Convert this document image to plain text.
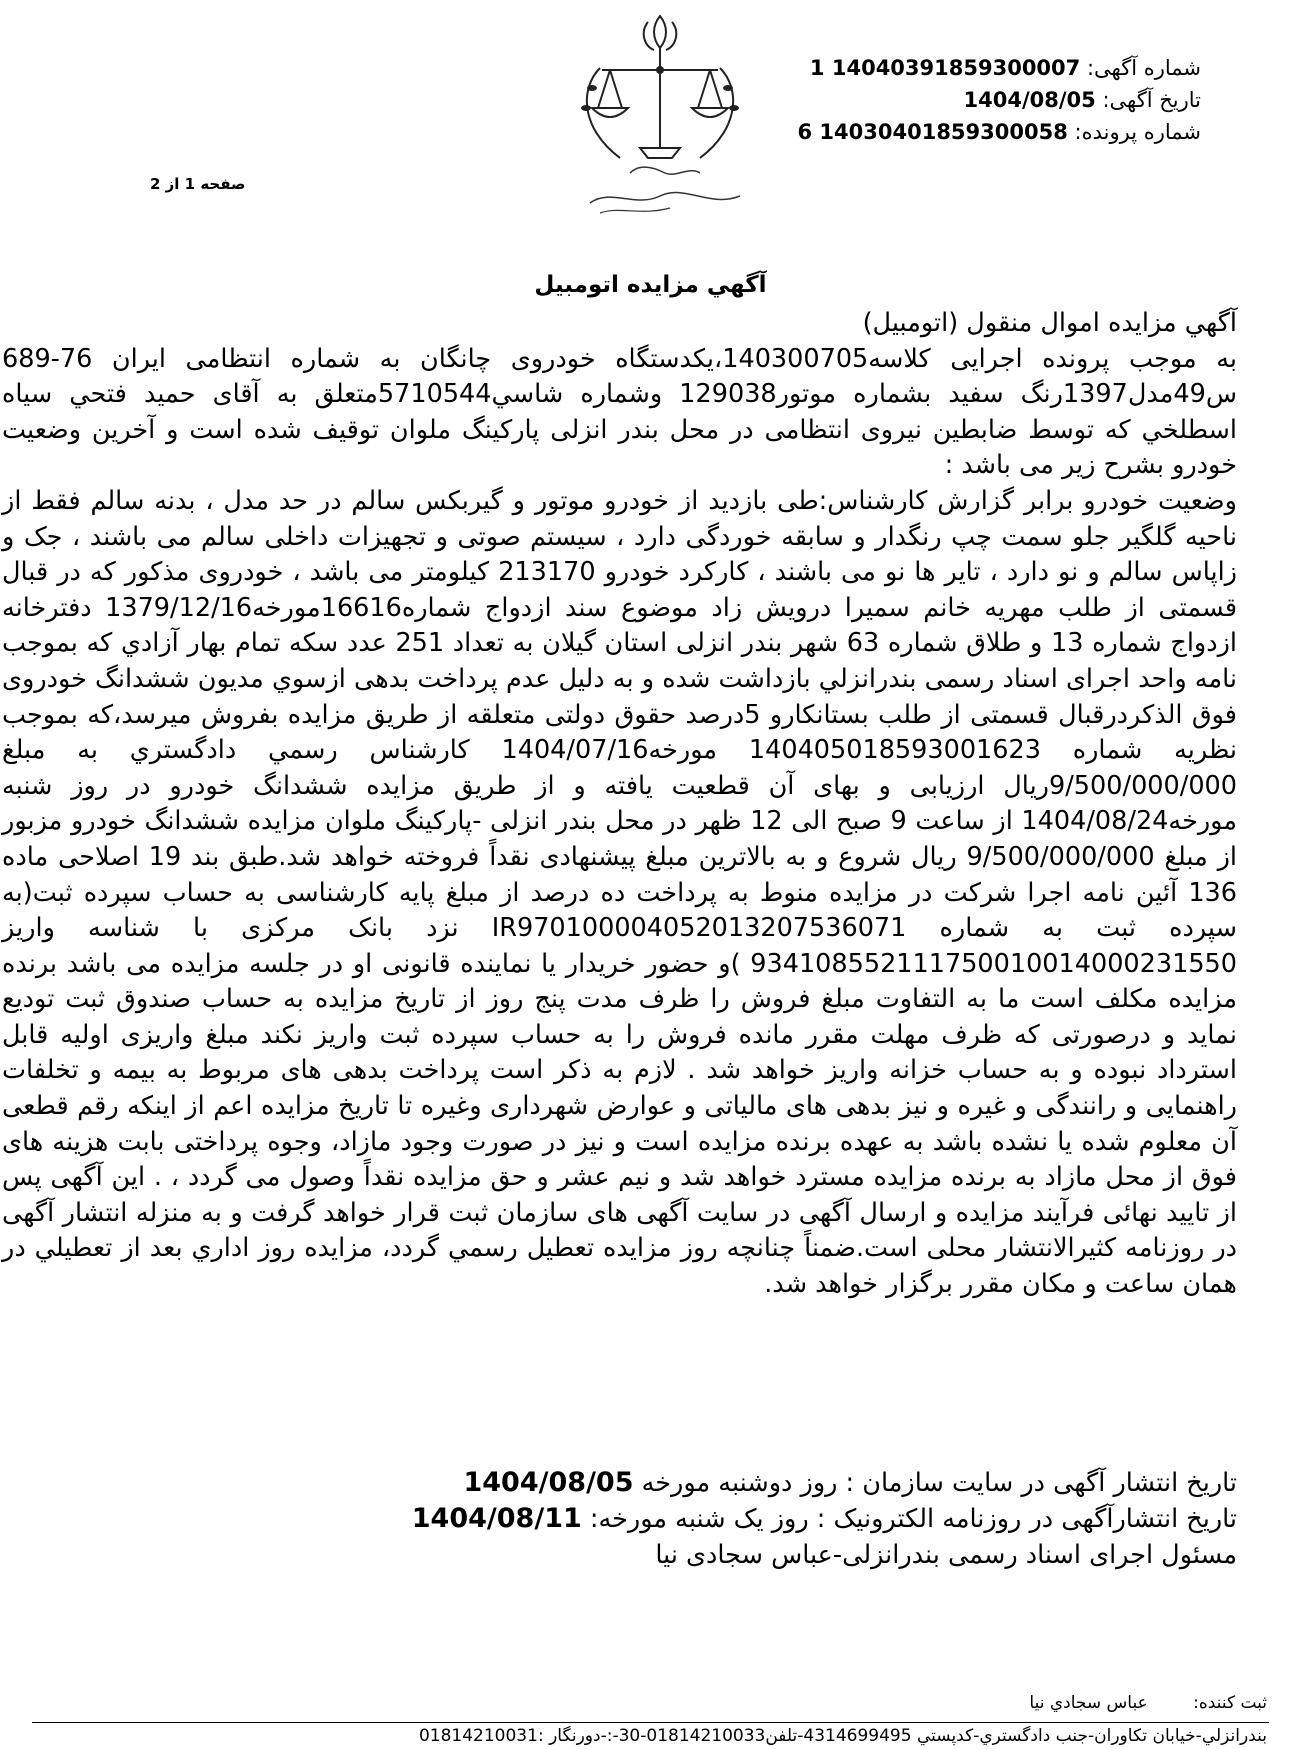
شماره آگهی: 14040391859300007 1
تاریخ آگهی: 1404/08/05
شماره پرونده: 14030401859300058 6
صفحه 1 از 2
آگهي مزايده اتومبيل

آگهي مزايده اموال منقول (اتومبيل)

به موجب پرونده اجرایی کلاسه140300705،یکدستگاه خودروی چانگان به شماره انتظامی ایران 76-689 س49مدل1397رنگ سفید بشماره موتور129038 وشماره شاسي5710544متعلق به آقای حمید فتحي سیاه اسطلخي که توسط ضابطين نيروی انتظامی در محل بندر انزلی پارکینگ ملوان توقیف شده است و آخرین وضعیت خودرو بشرح زیر می باشد :

وضعیت خودرو برابر گزارش کارشناس:طی بازدید از خودرو موتور و گیربکس سالم در حد مدل ، بدنه سالم فقط از ناحیه گلگیر جلو سمت چپ رنگدار و سابقه خوردگی دارد ، سیستم صوتی و تجهیزات داخلی سالم می باشند ، جک و زاپاس سالم و نو دارد ، تایر ها نو می باشند ، کارکرد خودرو 213170 کیلومتر می باشد ، خودروی مذکور که در قبال قسمتی از طلب مهریه خانم سمیرا درویش زاد موضوع سند ازدواج شماره16616مورخه1379/12/16 دفترخانه ازدواج شماره 13 و طلاق شماره 63 شهر بندر انزلی استان گیلان به تعداد 251 عدد سکه تمام بهار آزادي که بموجب نامه واحد اجرای اسناد رسمی بندرانزلي بازداشت شده و به دلیل عدم پرداخت بدهی ازسوي مدیون ششدانگ خودروی فوق الذکردرقبال قسمتی از طلب بستانکارو 5درصد حقوق دولتی متعلقه از طریق مزایده بفروش میرسد،که بموجب نظریه شماره 140405018593001623 مورخه1404/07/16 کارشناس رسمي دادگستري به مبلغ 9/500/000/000ریال ارزیابی و بهای آن قطعیت یافته و از طریق مزایده ششدانگ خودرو در روز شنبه مورخه1404/08/24 از ساعت 9 صبح الی 12 ظهر در محل بندر انزلی -پارکینگ ملوان مزایده ششدانگ خودرو مزبور از مبلغ 9/500/000/000 ریال شروع و به بالاترین مبلغ پیشنهادی نقداً فروخته خواهد شد.طبق بند 19 اصلاحی ماده 136 آئین نامه اجرا شرکت در مزایده منوط به پرداخت ده درصد از مبلغ پایه کارشناسی به حساب سپرده ثبت(به سپرده ثبت به شماره IR970100004052013207536071 نزد بانک مرکزی با شناسه واریز 934108552111750010014000231550 )و حضور خریدار یا نماینده قانونی او در جلسه مزایده می باشد برنده مزایده مکلف است ما به التفاوت مبلغ فروش را ظرف مدت پنج روز از تاریخ مزایده به حساب صندوق ثبت تودیع نماید و درصورتی که ظرف مهلت مقرر مانده فروش را به حساب سپرده ثبت واریز نکند مبلغ واریزی اولیه قابل استرداد نبوده و به حساب خزانه واریز خواهد شد . لازم به ذکر است پرداخت بدهی های مربوط به بیمه و تخلفات راهنمایی و رانندگی و غیره و نیز بدهی های مالیاتی و عوارض شهرداری وغیره تا تاریخ مزایده اعم از اینکه رقم قطعی آن معلوم شده یا نشده باشد به عهده برنده مزایده است و نیز در صورت وجود مازاد، وجوه پرداختی بابت هزینه های فوق از محل مازاد به برنده مزایده مسترد خواهد شد و نیم عشر و حق مزایده نقداً وصول می گردد ، . این آگهی پس از تایید نهائی فرآیند مزایده و ارسال آگهی در سایت آگهی های سازمان ثبت قرار خواهد گرفت و به منزله انتشار آگهی در روزنامه کثیرالانتشار محلی است.ضمناً چنانچه روز مزایده تعطیل رسمي گردد، مزایده روز اداري بعد از تعطیلي در همان ساعت و مکان مقرر برگزار خواهد شد.

تاریخ انتشار آگهی در سایت سازمان : روز دوشنبه مورخه 1404/08/05
تاریخ انتشارآگهی در روزنامه الکترونیک : روز یک شنبه مورخه: 1404/08/11
مسئول اجرای اسناد رسمی بندرانزلی-عباس سجادی نیا
ثبت کننده: عباس سجادي نيا
بندرانزلي-خيابان تکاوران-جنب دادگستري-کدپستي 4314699495-تلفن01814210033-30-:-دورنگار :01814210031
